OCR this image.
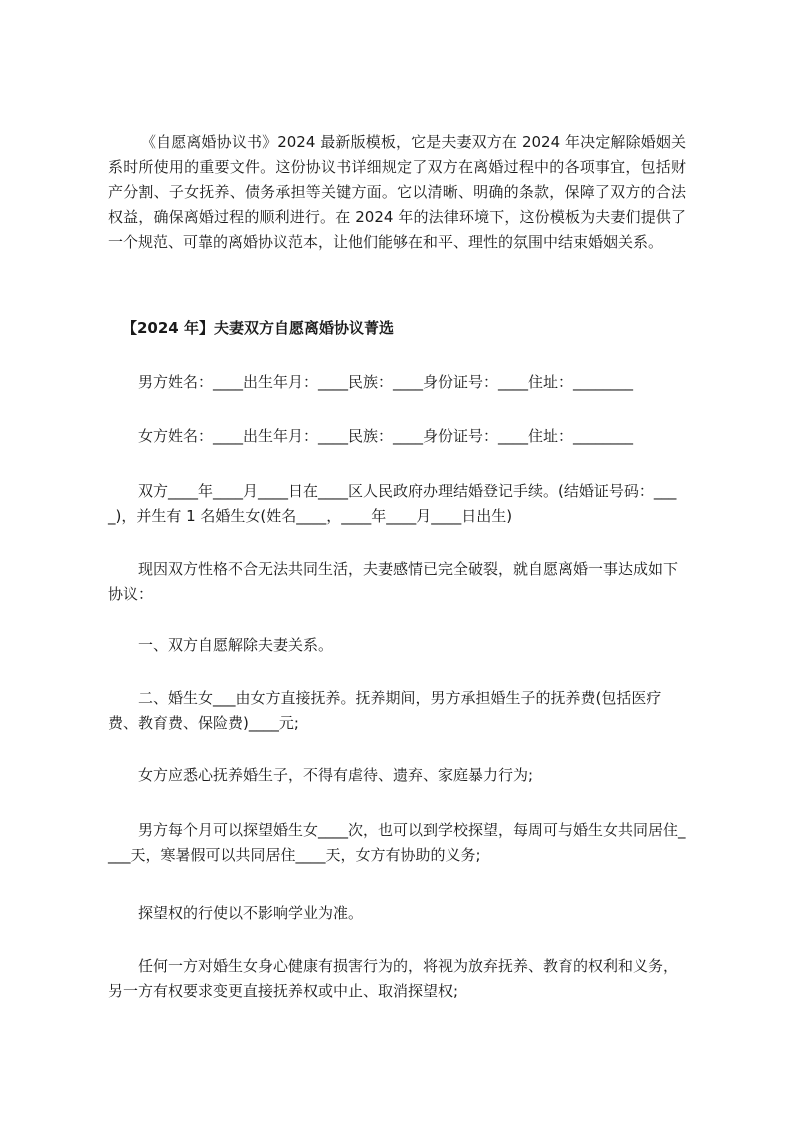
《自愿离婚协议书》2024 最新版模板，它是夫妻双方在 2024 年决定解除婚姻关系时所使用的重要文件。这份协议书详细规定了双方在离婚过程中的各项事宜，包括财产分割、子女抚养、债务承担等关键方面。它以清晰、明确的条款，保障了双方的合法权益，确保离婚过程的顺利进行。在 2024 年的法律环境下，这份模板为夫妻们提供了一个规范、可靠的离婚协议范本，让他们能够在和平、理性的氛围中结束婚姻关系。

【2024 年】夫妻双方自愿离婚协议菁选

男方姓名：____出生年月：____民族：____身份证号：____住址：________

女方姓名：____出生年月：____民族：____身份证号：____住址：________

双方____年____月____日在____区人民政府办理结婚登记手续。(结婚证号码：____)，并生有 1 名婚生女(姓名____，____年____月____日出生)

现因双方性格不合无法共同生活，夫妻感情已完全破裂，就自愿离婚一事达成如下协议：

一、双方自愿解除夫妻关系。

二、婚生女___由女方直接抚养。抚养期间，男方承担婚生子的抚养费(包括医疗费、教育费、保险费)____元;

女方应悉心抚养婚生子，不得有虐待、遗弃、家庭暴力行为;

男方每个月可以探望婚生女____次，也可以到学校探望，每周可与婚生女共同居住____天，寒暑假可以共同居住____天，女方有协助的义务;

探望权的行使以不影响学业为准。

任何一方对婚生女身心健康有损害行为的，将视为放弃抚养、教育的权利和义务，另一方有权要求变更直接抚养权或中止、取消探望权;
